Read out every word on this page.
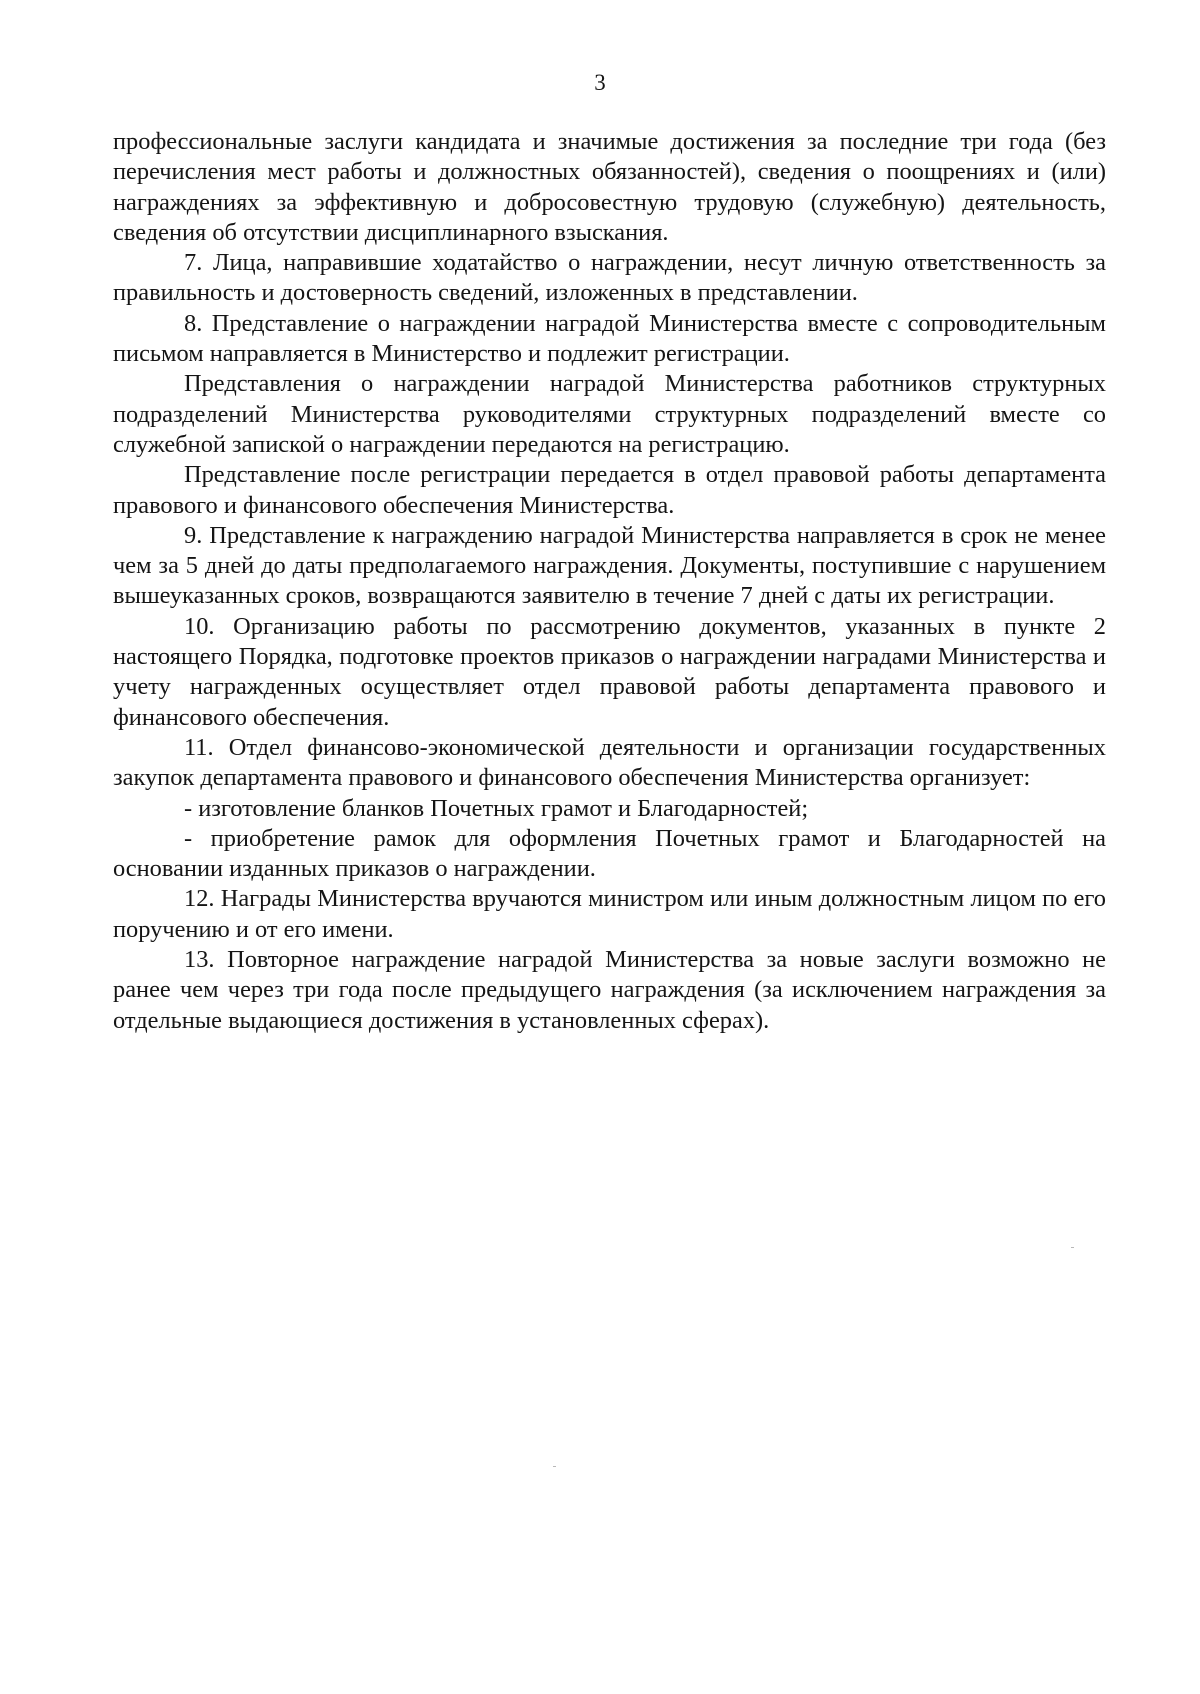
3

профессиональные заслуги кандидата и значимые достижения за последние три года (без перечисления мест работы и должностных обязанностей), сведения о поощрениях и (или) награждениях за эффективную и добросовестную трудовую (служебную) деятельность, сведения об отсутствии дисциплинарного взыскания.

7. Лица, направившие ходатайство о награждении, несут личную ответственность за правильность и достоверность сведений, изложенных в представлении.

8. Представление о награждении наградой Министерства вместе с сопроводительным письмом направляется в Министерство и подлежит регистрации.

Представления о награждении наградой Министерства работников структурных подразделений Министерства руководителями структурных подразделений вместе со служебной запиской о награждении передаются на регистрацию.

Представление после регистрации передается в отдел правовой работы департамента правового и финансового обеспечения Министерства.

9. Представление к награждению наградой Министерства направляется в срок не менее чем за 5 дней до даты предполагаемого награждения. Документы, поступившие с нарушением вышеуказанных сроков, возвращаются заявителю в течение 7 дней с даты их регистрации.

10. Организацию работы по рассмотрению документов, указанных в пункте 2 настоящего Порядка, подготовке проектов приказов о награждении наградами Министерства и учету награжденных осуществляет отдел правовой работы департамента правового и финансового обеспечения.

11. Отдел финансово-экономической деятельности и организации государственных закупок департамента правового и финансового обеспечения Министерства организует:

- изготовление бланков Почетных грамот и Благодарностей;

- приобретение рамок для оформления Почетных грамот и Благодарностей на основании изданных приказов о награждении.

12. Награды Министерства вручаются министром или иным должностным лицом по его поручению и от его имени.

13. Повторное награждение наградой Министерства за новые заслуги возможно не ранее чем через три года после предыдущего награждения (за исключением награждения за отдельные выдающиеся достижения в установленных сферах).
